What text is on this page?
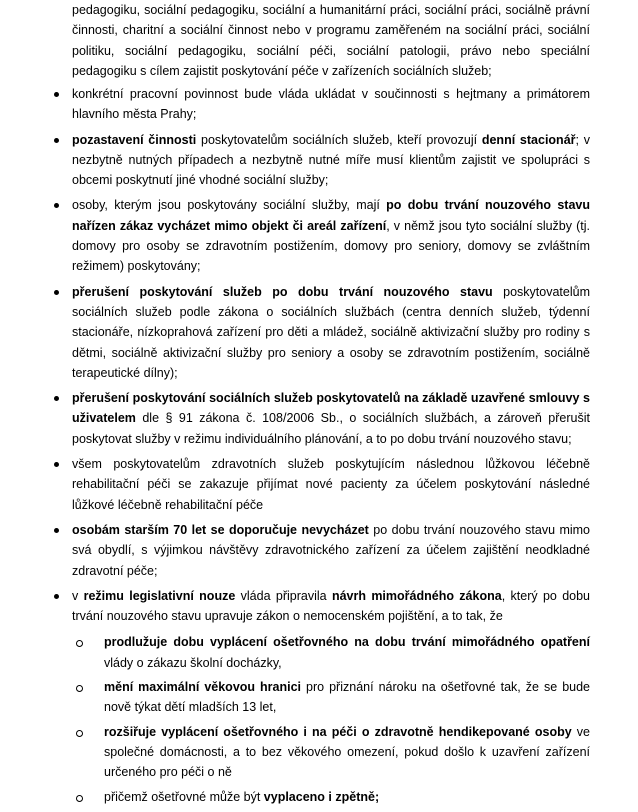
pedagogiku, sociální pedagogiku, sociální a humanitární práci, sociální práci, sociálně právní činnosti, charitní a sociální činnost nebo v programu zaměřeném na sociální práci, sociální politiku, sociální pedagogiku, sociální péči, sociální patologii, právo nebo speciální pedagogiku s cílem zajistit poskytování péče v zařízeních sociálních služeb;
konkrétní pracovní povinnost bude vláda ukládat v součinnosti s hejtmany a primátorem hlavního města Prahy;
pozastavení činnosti poskytovatelům sociálních služeb, kteří provozují denní stacionář; v nezbytně nutných případech a nezbytně nutné míře musí klientům zajistit ve spolupráci s obcemi poskytnutí jiné vhodné sociální služby;
osoby, kterým jsou poskytovány sociální služby, mají po dobu trvání nouzového stavu nařízen zákaz vycházet mimo objekt či areál zařízení, v němž jsou tyto sociální služby (tj. domovy pro osoby se zdravotním postižením, domovy pro seniory, domovy se zvláštním režimem) poskytovány;
přerušení poskytování služeb po dobu trvání nouzového stavu poskytovatelům sociálních služeb podle zákona o sociálních službách (centra denních služeb, týdenní stacionáře, nízkoprahová zařízení pro děti a mládež, sociálně aktivizační služby pro rodiny s dětmi, sociálně aktivizační služby pro seniory a osoby se zdravotním postižením, sociálně terapeutické dílny);
přerušení poskytování sociálních služeb poskytovatelů na základě uzavřené smlouvy s uživatelem dle § 91 zákona č. 108/2006 Sb., o sociálních službách, a zároveň přerušit poskytovat služby v režimu individuálního plánování, a to po dobu trvání nouzového stavu;
všem poskytovatelům zdravotních služeb poskytujícím následnou lůžkovou léčebně rehabilitační péči se zakazuje přijímat nové pacienty za účelem poskytování následné lůžkové léčebně rehabilitační péče
osobám starším 70 let se doporučuje nevycházet po dobu trvání nouzového stavu mimo svá obydlí, s výjimkou návštěvy zdravotnického zařízení za účelem zajištění neodkladné zdravotní péče;
v režimu legislativní nouze vláda připravila návrh mimořádného zákona, který po dobu trvání nouzového stavu upravuje zákon o nemocenském pojištění, a to tak, že
prodlužuje dobu vyplácení ošetřovného na dobu trvání mimořádného opatření vlády o zákazu školní docházky,
mění maximální věkovou hranici pro přiznání nároku na ošetřovné tak, že se bude nově týkat dětí mladších 13 let,
rozšiřuje vyplácení ošetřovného i na péči o zdravotně hendikepované osoby ve společné domácnosti, a to bez věkového omezení, pokud došlo k uzavření zařízení určeného pro péči o ně
přičemž ošetřovné může být vyplaceno i zpětně;
